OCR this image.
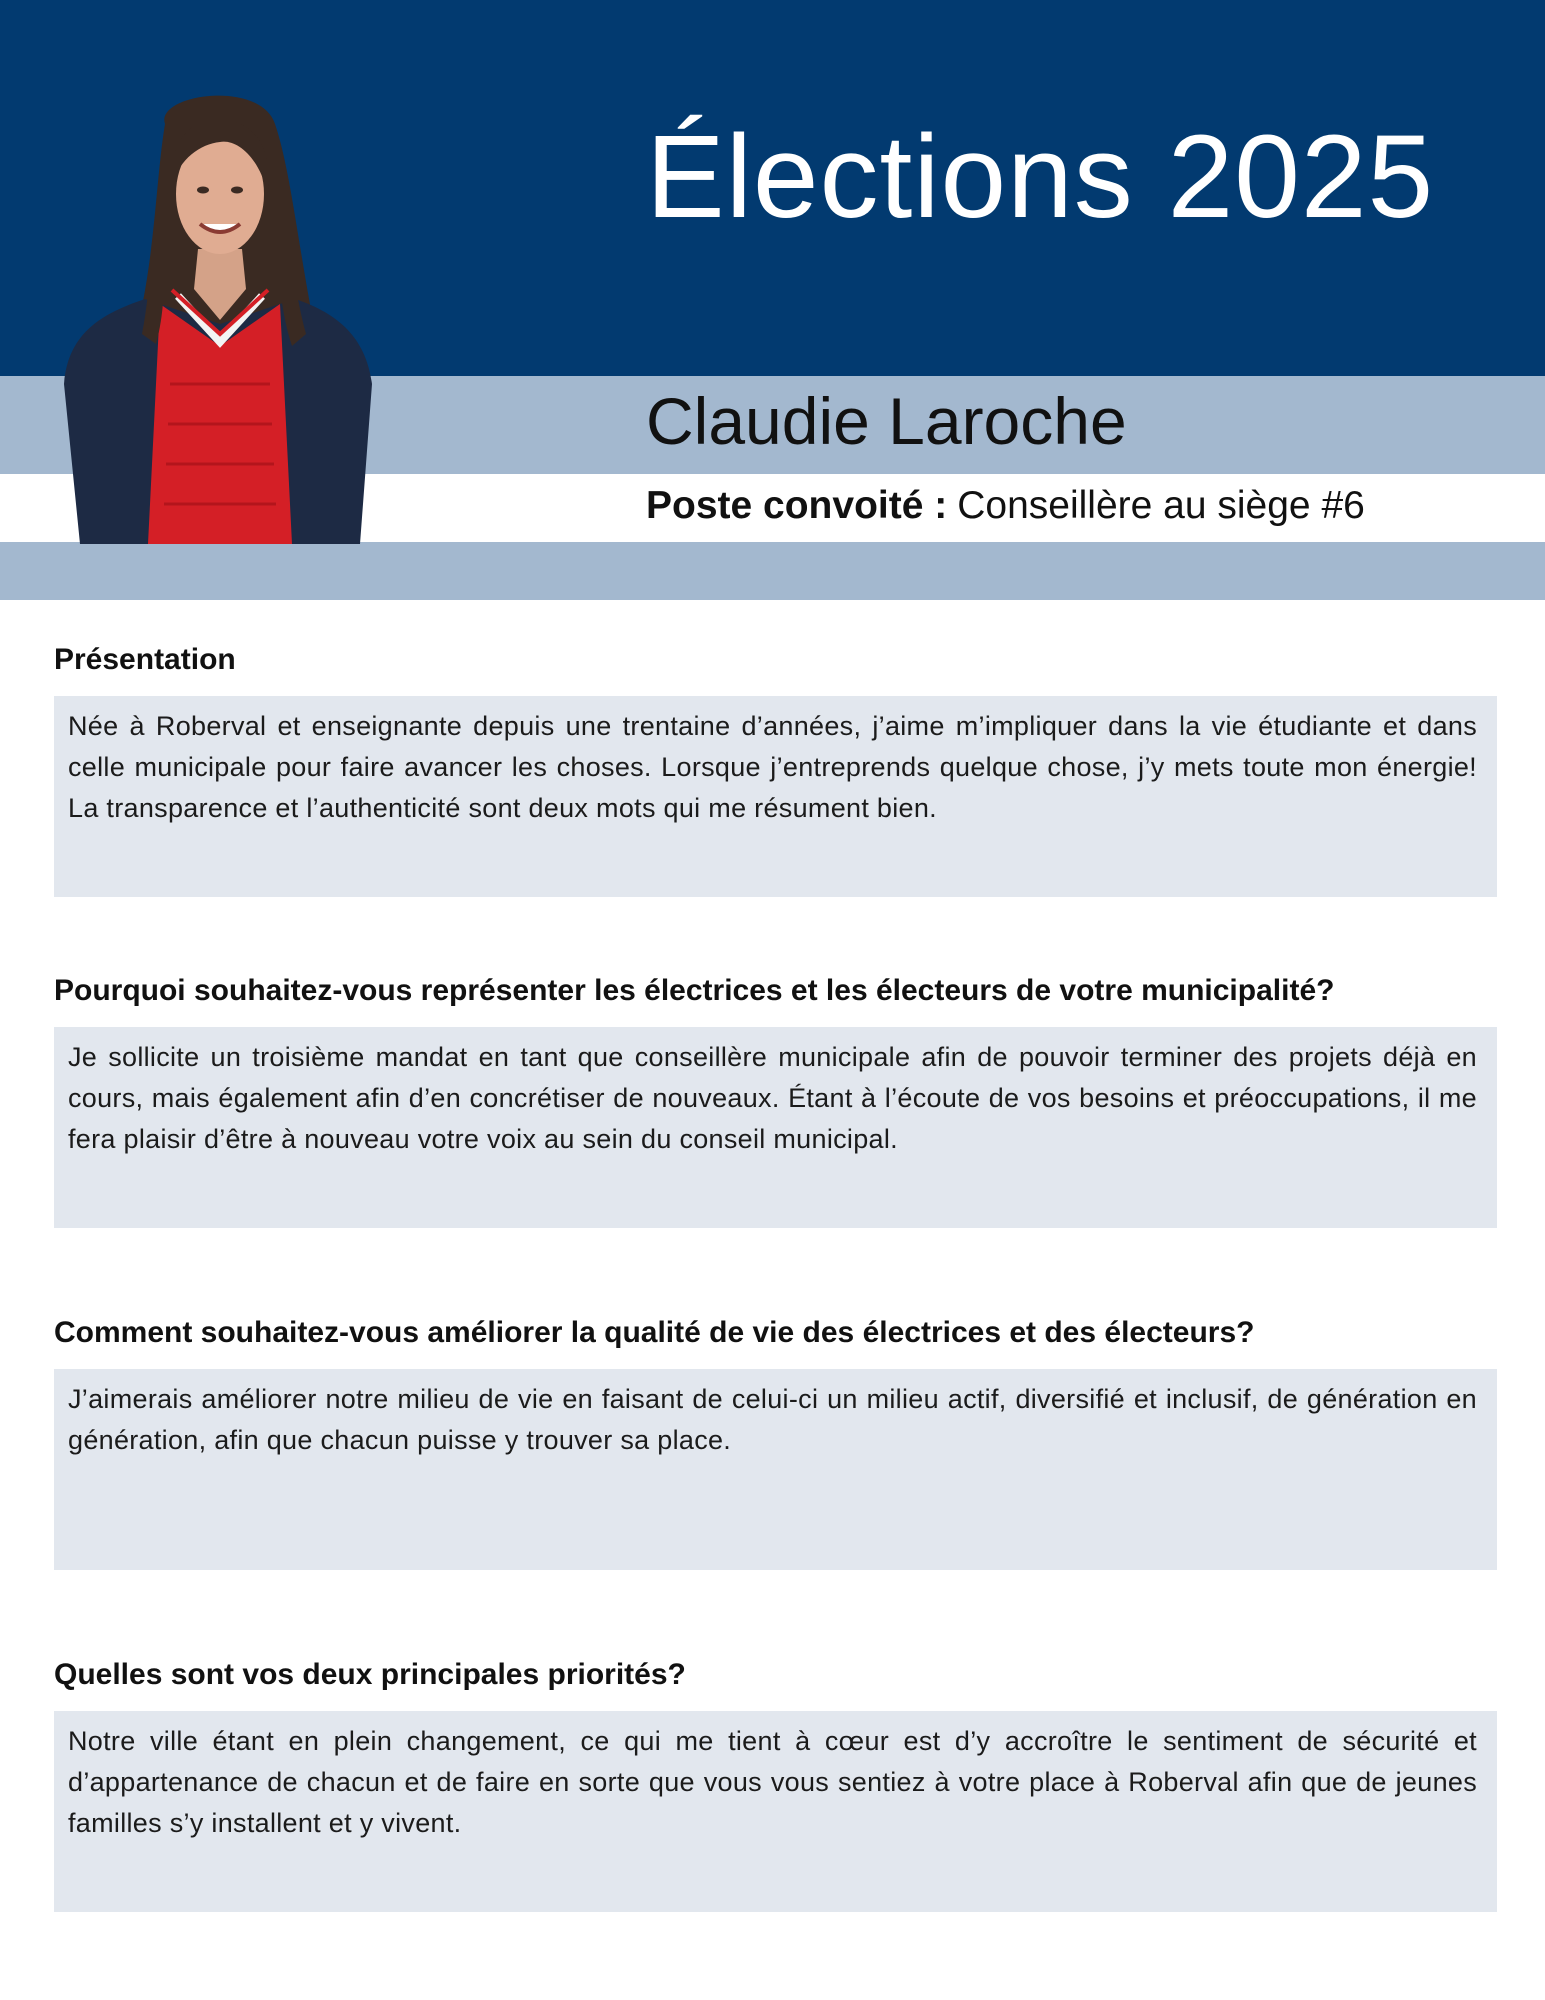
Élections 2025
Claudie Laroche
Poste convoité : Conseillère au siège #6
Présentation

Née à Roberval et enseignante depuis une trentaine d’années, j’aime m’impliquer dans la vie étudiante et dans celle municipale pour faire avancer les choses. Lorsque j’entreprends quelque chose, j’y mets toute mon énergie! La transparence et l’authenticité sont deux mots qui me résument bien.

Pourquoi souhaitez-vous représenter les électrices et les électeurs de votre municipalité?

Je sollicite un troisième mandat en tant que conseillère municipale afin de pouvoir terminer des projets déjà en cours, mais également afin d’en concrétiser de nouveaux. Étant à l’écoute de vos besoins et préoccupations, il me fera plaisir d’être à nouveau votre voix au sein du conseil municipal.

Comment souhaitez-vous améliorer la qualité de vie des électrices et des électeurs?

J’aimerais améliorer notre milieu de vie en faisant de celui-ci un milieu actif, diversifié et inclusif, de génération en génération, afin que chacun puisse y trouver sa place.

Quelles sont vos deux principales priorités?

Notre ville étant en plein changement, ce qui me tient à cœur est d’y accroître le sentiment de sécurité et d’appartenance de chacun et de faire en sorte que vous vous sentiez à votre place à Roberval afin que de jeunes familles s’y installent et y vivent.
